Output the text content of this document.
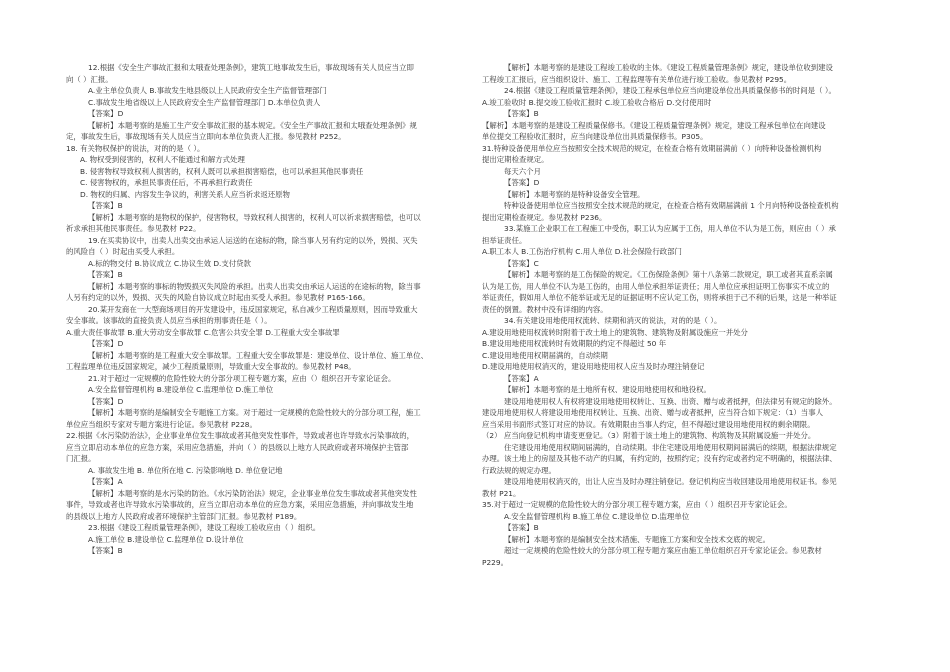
12.根据《安全生产事故汇报和太哦查处理条例》，建筑工地事故发生后，事故现场有关人员应当立即
向（ ）汇报。
A.业主单位负责人 B.事故发生地县级以上人民政府安全生产监督管理部门
C.事故发生地省级以上人民政府安全生产监督管理部门 D.本单位负责人
【答案】D
【解析】本题考察的是施工生产安全事故汇报的基本规定。《安全生产事故汇报和太哦查处理条例》规
定，事故发生后，事故现场有关人员应当立即向本单位负责人汇报。参见教材 P252。
18. 有关物权保护的说法，对的的是（ ）。
A. 物权受到侵害的，权利人不能通过和解方式处理
B. 侵害物权导致权利人损害的，权利人既可以承担损害赔偿，也可以承担其他民事责任
C. 侵害物权的，承担民事责任后，不再承担行政责任
D. 物权的归属、内容发生争议的，利害关系人应当祈求返还原物
【答案】B
【解析】本题考察的是物权的保护，侵害物权，导致权利人损害的，权利人可以祈求损害赔偿，也可以
祈求承担其他民事责任。参见教材 P22。
19.在买卖协议中，出卖人出卖交由承运人运送的在途标的物，除当事人另有约定的以外，毁损、灭失
的风险自（ ）时起由买受人承担。
A.标的物交付 B.协议成立 C.协议生效 D.支付贷款
【答案】B
【解析】本题考察的事标的物毁损灭失风险的承担。出卖人出卖交由承运人运送的在途标的物，除当事
人另有约定的以外，毁损、灭失的风险自协议成立时起由买受人承担。参见教材 P165-166。
20.某开发商在一大型商场项目的开发建设中，违反国家规定，私自减少工程质量原则，因而导致重大
安全事故。该事故的直接负责人员应当承担的刑事责任是（ ）。
A.重大责任事故罪 B.重大劳动安全事故罪 C.危害公共安全罪 D.工程重大安全事故罪
【答案】D
【解析】本题考察的是工程重大安全事故罪。工程重大安全事故罪是：建设单位、设计单位、施工单位、
工程监理单位违反国家规定，减少工程质量原则，导致重大安全事故的。参见教材 P48。
21.对于超过一定规模的危险性较大的分部分项工程专题方案，应由（）组织召开专家论证会。
A.安全监督管理机构 B.建设单位 C.监理单位 D.施工单位
【答案】D
【解析】本题考察的是编制安全专题施工方案。对于超过一定规模的危险性较大的分部分项工程，施工
单位应当组织专家对专题方案进行论证。参见教材 P228。
22.根据《水污染防治法》，企业事业单位发生事故或者其他突发性事件，导致或者也许导致水污染事故的，
应当立即启动本单位的应急方案，采用应急措施，并向（ ）的县级以上地方人民政府或者环境保护主管部
门汇报。
A. 事故发生地 B. 单位所在地 C. 污染影响地 D. 单位登记地
【答案】A
【解析】本题考察的是水污染的防治。《水污染防治法》规定，企业事业单位发生事故或者其他突发性
事件，导致或者也许导致水污染事故的，应当立即启动本单位的应急方案，采用应急措施，并向事故发生地
的县级以上地方人民政府或者环境保护主管部门汇报。参见教材 P189。
23.根据《建设工程质量管理条例》，建设工程竣工验收应由（ ）组织。
A.施工单位 B.建设单位 C.监理单位 D.设计单位
【答案】B
【解析】本题考察的是建设工程竣工验收的主体。《建设工程质量管理条例》规定，建设单位收到建设
工程竣工汇报后，应当组织设计、施工、工程监理等有关单位进行竣工验收。参见教材 P295。
24.根据《建设工程质量管理条例》，建设工程承包单位应当向建设单位出具质量保修书的时间是（ ）。
A.竣工验收时 B.提交竣工验收汇报时 C.竣工验收合格后 D.交付使用时
【答案】B
【解析】本题考察的是建设工程质量保修书。《建设工程质量管理条例》规定，建设工程承包单位在向建设
单位提交工程验收汇报时，应当向建设单位出具质量保修书。P305。
31.特种设备使用单位应当按照安全技术规范的规定，在检查合格有效期届满前（ ）向特种设备检测机构
提出定期检查规定。
每天六个月
【答案】D
【解析】本题考察的是特种设备安全管理。
特种设备使用单位应当按照安全技术规范的规定，在检查合格有效期届满前 1 个月向特种设备检查机构
提出定期检查规定。参见教材 P236。
33.某施工企业职工在工程施工中受伤，职工认为应属于工伤，用人单位不认为是工伤，则应由（ ）承
担举证责任。
A.职工本人 B.工伤治疗机构 C.用人单位 D.社会保险行政部门
【答案】C
【解析】本题考察的是工伤保险的规定。《工伤保险条例》第十八条第二款规定，职工或者其直系亲属
认为是工伤，用人单位不认为是工伤的，由用人单位承担举证责任；用人单位应承担证明工伤事实不成立的
举证责任，假如用人单位不能举证或无足的证据证明不应认定工伤，则将承担于己不利的后果，这是一种举证
责任的倒置。教材中没有详细的内容。
34.有关建设用地使用权流转、续期和消灭的说法，对的的是（ ）。
A.建设用地使用权流转时附着于改土地上的建筑物、建筑物及附属设施应一并处分
B.建设用地使用权流转时有效期限的约定不得超过 50 年
C.建设用地使用权期届满的，自动续期
D.建设用地使用权消灭的，建设用地使用权人应当及时办理注销登记
【答案】A
【解析】本题考察的是土地所有权、建设用地使用权和地役权。
建设用地使用权人有权将建设用地使用权转让、互换、出资、赠与或者抵押，但法律另有规定的除外。
建设用地使用权人将建设用地使用权转让、互换、出资、赠与或者抵押，应当符合如下规定：（1）当事人
应当采用书面形式签订对应的协议。有效期限由当事人约定，但不得超过建设用地使用权的剩余期限。
（2） 应当向登记机构申请变更登记。（3）附着于该土地上的建筑物、构筑物及其附属设施一并处分。
住宅建设用地使用权期间届满的，自动续期。非住宅建设用地使用权期间届满后的续期，根据法律规定
办理。该土地上的房屋及其他不动产的归属，有约定的，按照约定；没有约定或者约定不明确的，根据法律、
行政法规的规定办理。
建设用地使用权消灭的，出让人应当及时办理注销登记。登记机构应当收回建设用地使用权证书。参见
教材 P21。
35.对于超过一定规模的危险性较大的分部分项工程专题方案，应由（ ）组织召开专家论证会。
A.安全监督管理机构 B.施工单位 C.建设单位 D.监理单位
【答案】B
【解析】本题考察的是编制安全技术措施、专题施工方案和安全技术交底的规定。
超过一定规模的危险性较大的分部分项工程专题方案应由施工单位组织召开专家论证会。参见教材
P229。
